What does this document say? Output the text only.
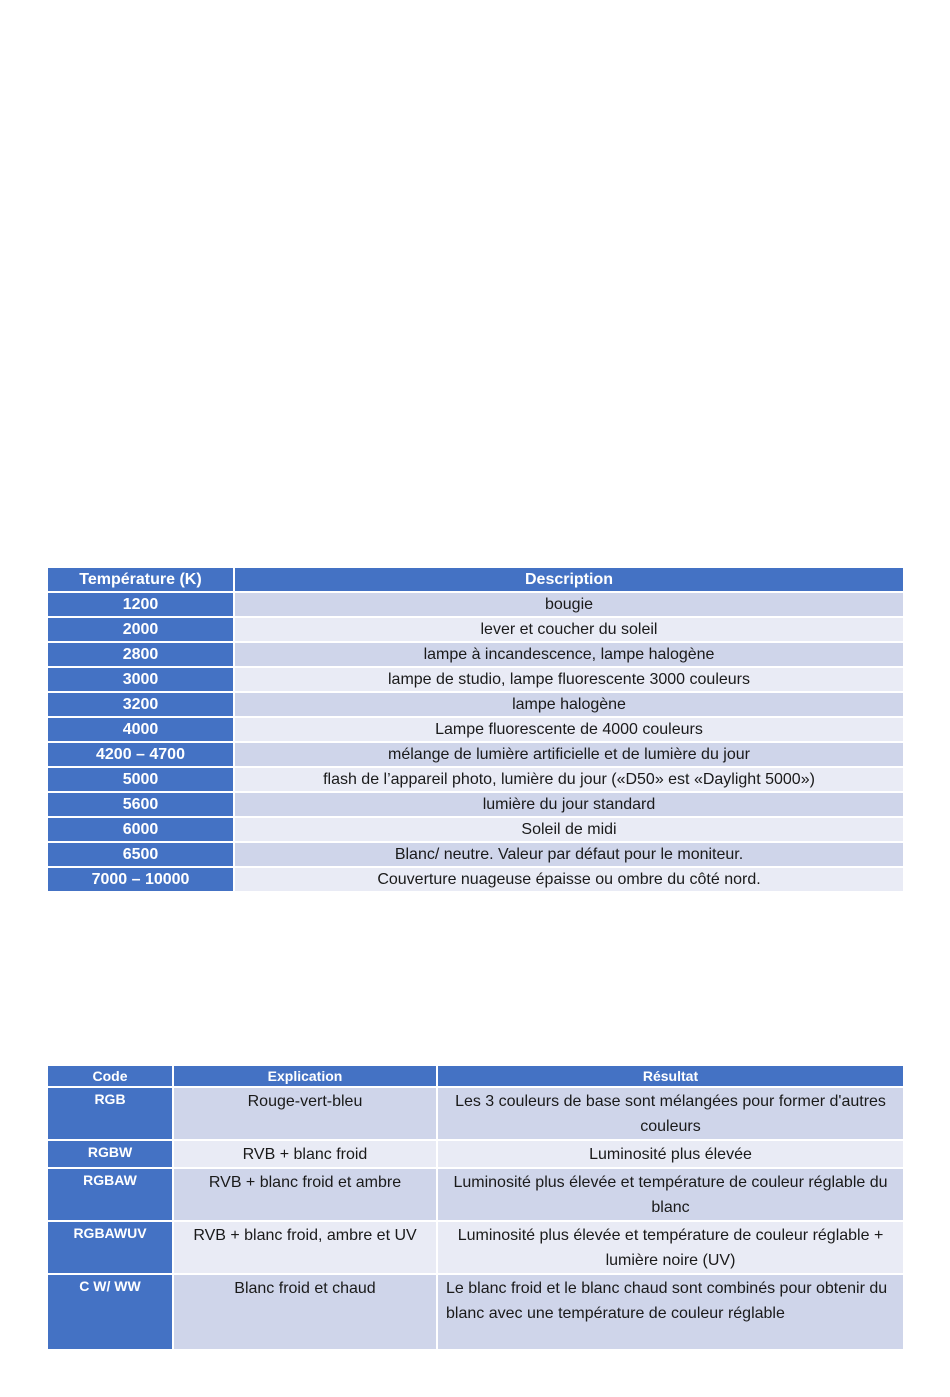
Température (K)	Description
1200	bougie
2000	lever et coucher du soleil
2800	lampe à incandescence, lampe halogène
3000	lampe de studio, lampe fluorescente 3000 couleurs
3200	lampe halogène
4000	Lampe fluorescente de 4000 couleurs
4200 – 4700	mélange de lumière artificielle et de lumière du jour
5000	flash de l’appareil photo, lumière du jour («D50» est «Daylight 5000»)
5600	lumière du jour standard
6000	Soleil de midi
6500	Blanc/ neutre. Valeur par défaut pour le moniteur.
7000 – 10000	Couverture nuageuse épaisse ou ombre du côté nord.
Code	Explication	Résultat
RGB	Rouge-vert-bleu	Les 3 couleurs de base sont mélangées pour former d'autres couleurs
RGBW	RVB + blanc froid	Luminosité plus élevée
RGBAW	RVB + blanc froid et ambre	Luminosité plus élevée et température de couleur réglable du blanc
RGBAWUV	RVB + blanc froid, ambre et UV	Luminosité plus élevée et température de couleur réglable + lumière noire (UV)
C W/ WW	Blanc froid et chaud	Le blanc froid et le blanc chaud sont combinés pour obtenir du blanc avec une température de couleur réglable
